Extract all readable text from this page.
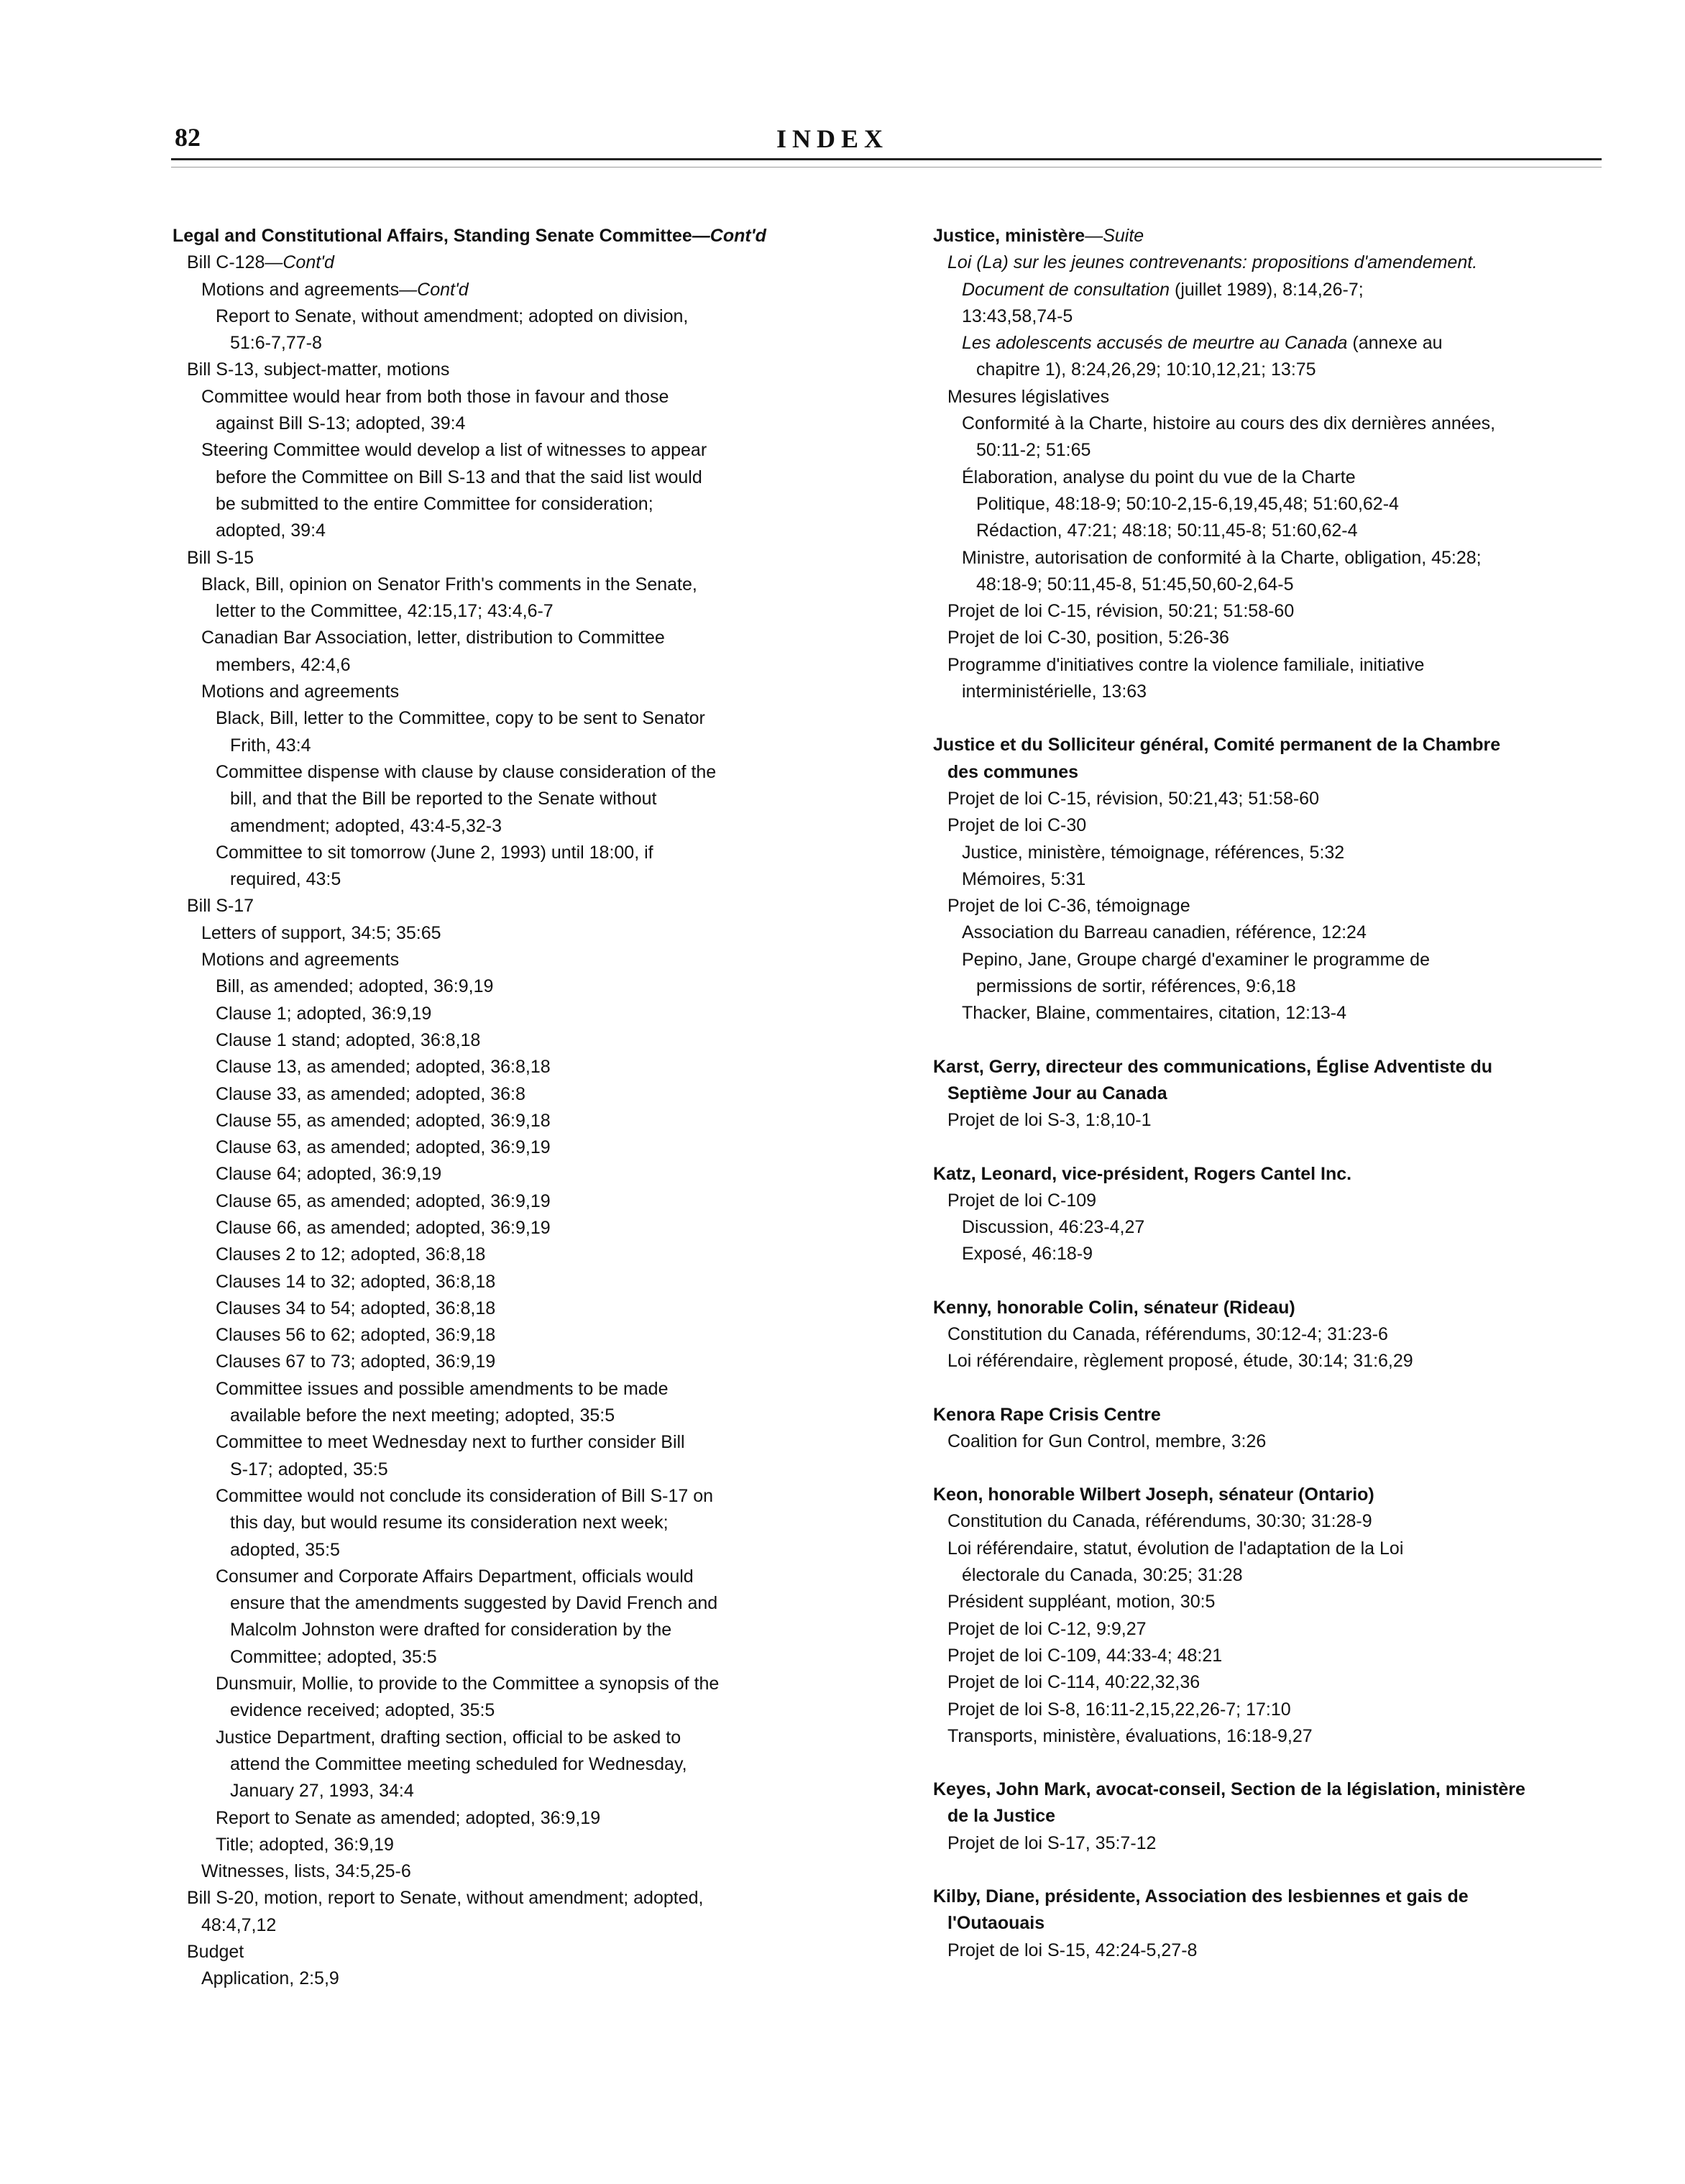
82	INDEX
Legal and Constitutional Affairs, Standing Senate Committee—Cont'd
Bill C-128—Cont'd
Motions and agreements—Cont'd
Report to Senate, without amendment; adopted on division,
51:6-7,77-8
Bill S-13, subject-matter, motions
Committee would hear from both those in favour and those
against Bill S-13; adopted, 39:4
Steering Committee would develop a list of witnesses to appear
before the Committee on Bill S-13 and that the said list would
be submitted to the entire Committee for consideration;
adopted, 39:4
Bill S-15
Black, Bill, opinion on Senator Frith's comments in the Senate,
letter to the Committee, 42:15,17; 43:4,6-7
Canadian Bar Association, letter, distribution to Committee
members, 42:4,6
Motions and agreements
Black, Bill, letter to the Committee, copy to be sent to Senator
Frith, 43:4
Committee dispense with clause by clause consideration of the
bill, and that the Bill be reported to the Senate without
amendment; adopted, 43:4-5,32-3
Committee to sit tomorrow (June 2, 1993) until 18:00, if
required, 43:5
Bill S-17
Letters of support, 34:5; 35:65
Motions and agreements
Bill, as amended; adopted, 36:9,19
Clause 1; adopted, 36:9,19
Clause 1 stand; adopted, 36:8,18
Clause 13, as amended; adopted, 36:8,18
Clause 33, as amended; adopted, 36:8
Clause 55, as amended; adopted, 36:9,18
Clause 63, as amended; adopted, 36:9,19
Clause 64; adopted, 36:9,19
Clause 65, as amended; adopted, 36:9,19
Clause 66, as amended; adopted, 36:9,19
Clauses 2 to 12; adopted, 36:8,18
Clauses 14 to 32; adopted, 36:8,18
Clauses 34 to 54; adopted, 36:8,18
Clauses 56 to 62; adopted, 36:9,18
Clauses 67 to 73; adopted, 36:9,19
Committee issues and possible amendments to be made
available before the next meeting; adopted, 35:5
Committee to meet Wednesday next to further consider Bill
S-17; adopted, 35:5
Committee would not conclude its consideration of Bill S-17 on
this day, but would resume its consideration next week;
adopted, 35:5
Consumer and Corporate Affairs Department, officials would
ensure that the amendments suggested by David French and
Malcolm Johnston were drafted for consideration by the
Committee; adopted, 35:5
Dunsmuir, Mollie, to provide to the Committee a synopsis of the
evidence received; adopted, 35:5
Justice Department, drafting section, official to be asked to
attend the Committee meeting scheduled for Wednesday,
January 27, 1993, 34:4
Report to Senate as amended; adopted, 36:9,19
Title; adopted, 36:9,19
Witnesses, lists, 34:5,25-6
Bill S-20, motion, report to Senate, without amendment; adopted,
48:4,7,12
Budget
Application, 2:5,9
Justice, ministère—Suite
Loi (La) sur les jeunes contrevenants: propositions d'amendement.
Document de consultation (juillet 1989), 8:14,26-7;
13:43,58,74-5
Les adolescents accusés de meurtre au Canada (annexe au
chapitre 1), 8:24,26,29; 10:10,12,21; 13:75
Mesures législatives
Conformité à la Charte, histoire au cours des dix dernières années,
50:11-2; 51:65
Élaboration, analyse du point du vue de la Charte
Politique, 48:18-9; 50:10-2,15-6,19,45,48; 51:60,62-4
Rédaction, 47:21; 48:18; 50:11,45-8; 51:60,62-4
Ministre, autorisation de conformité à la Charte, obligation, 45:28;
48:18-9; 50:11,45-8, 51:45,50,60-2,64-5
Projet de loi C-15, révision, 50:21; 51:58-60
Projet de loi C-30, position, 5:26-36
Programme d'initiatives contre la violence familiale, initiative
interministérielle, 13:63
Justice et du Solliciteur général, Comité permanent de la Chambre
des communes
Projet de loi C-15, révision, 50:21,43; 51:58-60
Projet de loi C-30
Justice, ministère, témoignage, références, 5:32
Mémoires, 5:31
Projet de loi C-36, témoignage
Association du Barreau canadien, référence, 12:24
Pepino, Jane, Groupe chargé d'examiner le programme de
permissions de sortir, références, 9:6,18
Thacker, Blaine, commentaires, citation, 12:13-4
Karst, Gerry, directeur des communications, Église Adventiste du
Septième Jour au Canada
Projet de loi S-3, 1:8,10-1
Katz, Leonard, vice-président, Rogers Cantel Inc.
Projet de loi C-109
Discussion, 46:23-4,27
Exposé, 46:18-9
Kenny, honorable Colin, sénateur (Rideau)
Constitution du Canada, référendums, 30:12-4; 31:23-6
Loi référendaire, règlement proposé, étude, 30:14; 31:6,29
Kenora Rape Crisis Centre
Coalition for Gun Control, membre, 3:26
Keon, honorable Wilbert Joseph, sénateur (Ontario)
Constitution du Canada, référendums, 30:30; 31:28-9
Loi référendaire, statut, évolution de l'adaptation de la Loi
électorale du Canada, 30:25; 31:28
Président suppléant, motion, 30:5
Projet de loi C-12, 9:9,27
Projet de loi C-109, 44:33-4; 48:21
Projet de loi C-114, 40:22,32,36
Projet de loi S-8, 16:11-2,15,22,26-7; 17:10
Transports, ministère, évaluations, 16:18-9,27
Keyes, John Mark, avocat-conseil, Section de la législation, ministère
de la Justice
Projet de loi S-17, 35:7-12
Kilby, Diane, présidente, Association des lesbiennes et gais de
l'Outaouais
Projet de loi S-15, 42:24-5,27-8
